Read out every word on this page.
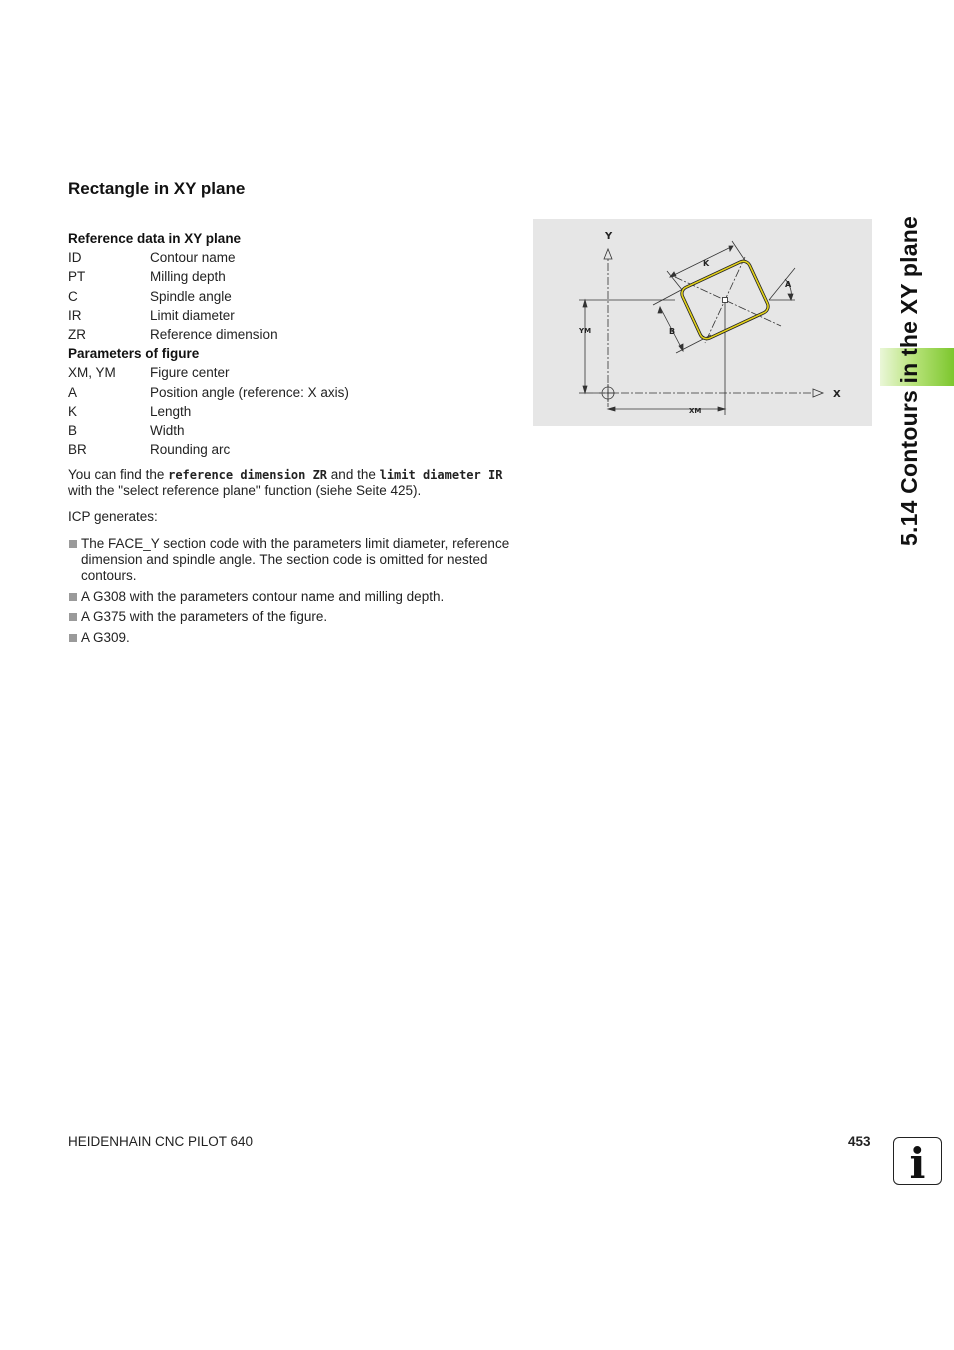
Rectangle in XY plane
Reference data in XY plane
ID	Contour name
PT	Milling depth
C	Spindle angle
IR	Limit diameter
ZR	Reference dimension
Parameters of figure
XM, YM	Figure center
A	Position angle (reference: X axis)
K	Length
B	Width
BR	Rounding arc
You can find the reference dimension ZR and the limit diameter IR with the "select reference plane" function (siehe Seite 425).
ICP generates:
The FACE_Y section code with the parameters limit diameter, reference dimension and spindle angle. The section code is omitted for nested contours.
A G308 with the parameters contour name and milling depth.
A G375 with the parameters of the figure.
A G309.
Y
X
YM
XM
K
B
A	5.14 Contours in the XY plane
HEIDENHAIN CNC PILOT 640	453 i
